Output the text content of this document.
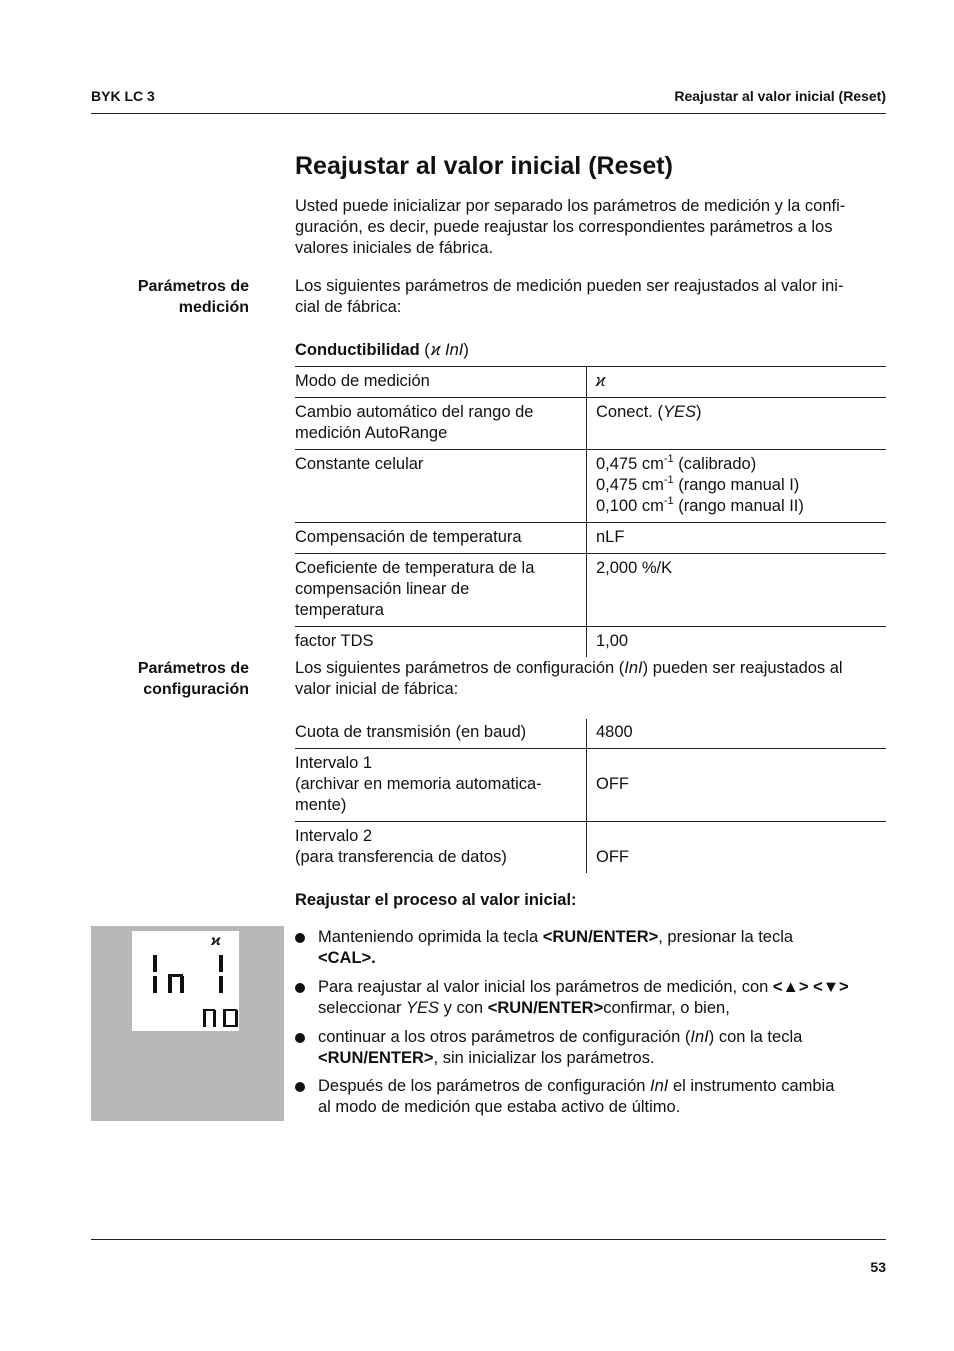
BYK LC 3	Reajustar al valor inicial (Reset)
Reajustar al valor inicial (Reset)
Usted puede inicializar por separado los parámetros de medición y la confi-
guración, es decir, puede reajustar los correspondientes parámetros a los
valores iniciales de fábrica.
Parámetros de
medición
Los siguientes parámetros de medición pueden ser reajustados al valor ini-
cial de fábrica:
Conductibilidad ( ϰ InI)
Modo de medición	ϰ

Cambio automático del rango de
medición AutoRange	Conect. (YES)
Constante celular	0,475 $cm^{-1}$ (calibrado)
0,475 $cm^{-1}$ (rango manual I)
0,100 $cm^{-1}$ (rango manual II)

Compensación de temperatura	nLF

Coeficiente de temperatura de la
compensación linear de
temperatura	2,000 %/K
factor TDS	1,00
Parámetros de
configuración
Los siguientes parámetros de configuración (InI) pueden ser reajustados al
valor inicial de fábrica:
Cuota de transmisión (en baud)	4800

Intervalo 1
(archivar en memoria automatica-
mente)	OFF

Intervalo 2
(para transferencia de datos)	OFF
Reajustar el proceso al valor inicial:
ϰ	Manteniendo oprimida la tecla <RUN/ENTER>, presionar la tecla
<CAL>.
Para reajustar al valor inicial los parámetros de medición, con <▲> <▼>
seleccionar YES y con <RUN/ENTER>confirmar, o bien,
continuar a los otros parámetros de configuración (InI) con la tecla
<RUN/ENTER>, sin inicializar los parámetros.
Después de los parámetros de configuración InI el instrumento cambia
al modo de medición que estaba activo de último.
53
